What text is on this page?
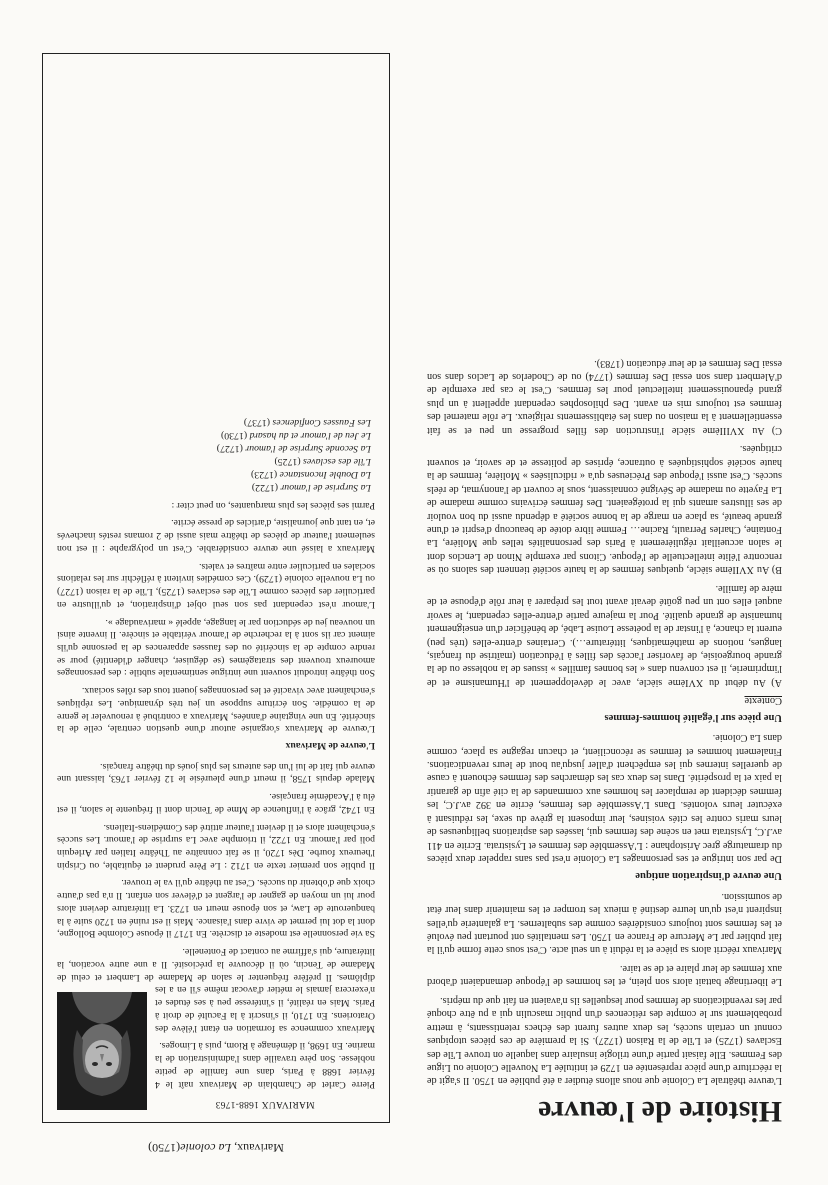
Histoire de l'œuvre

L'œuvre théâtrale La Colonie que nous allons étudier a été publiée en 1750. Il s'agit de la réécriture d'une pièce représentée en 1729 et intitulée La Nouvelle Colonie ou Ligue des Femmes. Elle faisait partie d'une trilogie insulaire dans laquelle on trouve L'île des Esclaves (1725) et L'île de la Raison (1727). Si la première de ces pièces utopiques connut un certain succès, les deux autres furent des échecs retentissants, à mettre probablement sur le compte des réticences d'un public masculin qui a pu être choqué par les revendications de femmes pour lesquelles ils n'avaient en fait que du mépris.

Le libertinage battait alors son plein, et les hommes de l'époque demandaient d'abord aux femmes de leur plaire et de se taire.

Marivaux réécrit alors sa pièce et la réduit à un seul acte. C'est sous cette forme qu'il la fait publier par Le Mercure de France en 1750. Les mentalités ont pourtant peu évolué et les femmes sont toujours considérées comme des subalternes. La galanterie qu'elles inspirent n'est qu'un leurre destiné à mieux les tromper et les maintenir dans leur état de soumission.

Une œuvre d'inspiration antique

De par son intrigue et ses personnages La Colonie n'est pas sans rappeler deux pièces du dramaturge grec Aristophane : L'Assemblée des femmes et Lysistrata. Ecrite en 411 av.J.C, Lysistrata met en scène des femmes qui, lassées des aspirations belliqueuses de leurs maris contre les cités voisines, leur imposent la grève du sexe, les réduisant à exécuter leurs volontés. Dans L'Assemblée des femmes, écrite en 392 av.J.C, les femmes décident de remplacer les hommes aux commandes de la cité afin de garantir la paix et la prospérité. Dans les deux cas les démarches des femmes échouent à cause de querelles internes qui les empêchent d'aller jusqu'au bout de leurs revendications. Finalement hommes et femmes se réconcilient, et chacun regagne sa place, comme dans La Colonie.

Une pièce sur l'égalité hommes-femmes
Contexte

A) Au début du XVIème siècle, avec le développement de l'Humanisme et de l'imprimerie, il est convenu dans « les bonnes familles » issues de la noblesse ou de la grande bourgeoisie, de favoriser l'accès des filles à l'éducation (maîtrise du français, langues, notions de mathématiques, littérature…). Certaines d'entre-elles (très peu) eurent la chance, à l'instar de la poétesse Louise Labé, de bénéficier d'un enseignement humaniste de grande qualité. Pour la majeure partie d'entre-elles cependant, le savoir auquel elles ont un peu goûté devait avant tout les préparer à leur rôle d'épouse et de mère de famille.

B) Au XVIIème siècle, quelques femmes de la haute société tiennent des salons où se rencontre l'élite intellectuelle de l'époque. Citons par exemple Ninon de Lenclos dont le salon accueillait régulièrement à Paris des personnalités telles que Molière, La Fontaine, Charles Perrault, Racine… Femme libre dotée de beaucoup d'esprit et d'une grande beauté, sa place en marge de la bonne société a dépendu aussi du bon vouloir de ses illustres amants qui la protégeaient. Des femmes écrivains comme madame de La Fayette ou madame de Sévigné connaissent, sous le couvert de l'anonymat, de réels succès. C'est aussi l'époque des Précieuses qu'a « ridiculisées » Molière, femmes de la haute société sophistiquées à outrance, éprises de politesse et de savoir, et souvent critiquées.

C) Au XVIIIème siècle l'instruction des filles progresse un peu et se fait essentiellement à la maison ou dans les établissements religieux. Le rôle maternel des femmes est toujours mis en avant. Des philosophes cependant appellent à un plus grand épanouissement intellectuel pour les femmes. C'est le cas par exemple de d'Alembert dans son essai Des femmes (1774) ou de Choderlos de Laclos dans son essai Des femmes et de leur éducation (1783).

Marivaux, La colonie(1750)
MARIVAUX 1688-1763

Pierre Carlet de Chamblain de Marivaux naît le 4 février 1688 à Paris, dans une famille de petite noblesse. Son père travaille dans l'administration de la marine. En 1698, il déménage à Riom, puis à Limoges.

Marivaux commence sa formation en étant l'élève des Oratoriens. En 1710, il s'inscrit à la Faculté de droit à Paris. Mais en réalité, il s'intéresse peu à ses études et n'exercera jamais le métier d'avocat même s'il en a les diplômes. Il préfère fréquenter le salon de Madame de Lambert et celui de Madame de Tencin, où il découvre la préciosité. Il a une autre vocation, la littérature, qui s'affirme au contact de Fontenelle.

Sa vie personnelle est modeste et discrète. En 1717 il épouse Colombe Bollogne, dont la dot lui permet de vivre dans l'aisance. Mais il est ruiné en 1720 suite à la banqueroute de Law, et son épouse meurt en 1723. La littérature devient alors pour lui un moyen de gagner de l'argent et d'élever son enfant. Il n'a pas d'autre choix que d'obtenir du succès. C'est au théâtre qu'il va le trouver.

Il publie son premier texte en 1712 : Le Père prudent et équitable, ou Crispin l'heureux fourbe. Dès 1720, il se fait connaître au Théâtre Italien par Arlequin poli par l'amour. En 1722, il triomphe avec La surprise de l'amour. Les succès s'enchaînent alors et il devient l'auteur attitré des Comédiens-Italiens.

En 1742, grâce à l'influence de Mme de Tencin dont il fréquente le salon, il est élu à l'Académie française.

Malade depuis 1758, il meurt d'une pleurésie le 12 février 1763, laissant une œuvre qui fait de lui l'un des auteurs les plus joués du théâtre français.

L'œuvre de Marivaux

L'œuvre de Marivaux s'organise autour d'une question centrale, celle de la sincérité. En une vingtaine d'années, Marivaux a contribué à renouveler le genre de la comédie. Son écriture suppose un jeu très dynamique. Les répliques s'enchaînent avec vivacité et les personnages jouent tous des rôles sociaux.

Son théâtre introduit souvent une intrigue sentimentale subtile : des personnages amoureux trouvent des stratagèmes (se déguiser, changer d'identité) pour se rendre compte de la sincérité ou des fausses apparences de la personne qu'ils aiment car ils sont à la recherche de l'amour véritable et sincère. Il invente ainsi un nouveau jeu de séduction par le langage, appelé « marivaudage ».

L'amour n'est cependant pas son seul objet d'inspiration, et qu'illustre en particulier des pièces comme L'île des esclaves (1725), L'île de la raison (1727) ou La nouvelle colonie (1729). Ces comédies invitent à réfléchir sur les relations sociales en particulier entre maîtres et valets.

Marivaux a laissé une œuvre considérable. C'est un polygraphe : il est non seulement l'auteur de pièces de théâtre mais aussi de 2 romans restés inachevés et, en tant que journaliste, d'articles de presse écrite.

Parmi ses pièces les plus marquantes, on peut citer :

La Surprise de l'amour (1722)
La Double Inconstance (1723)
L'île des esclaves (1725)
La Seconde Surprise de l'amour (1727)
Le Jeu de l'amour et du hasard (1730)
Les Fausses Confidences (1737)
